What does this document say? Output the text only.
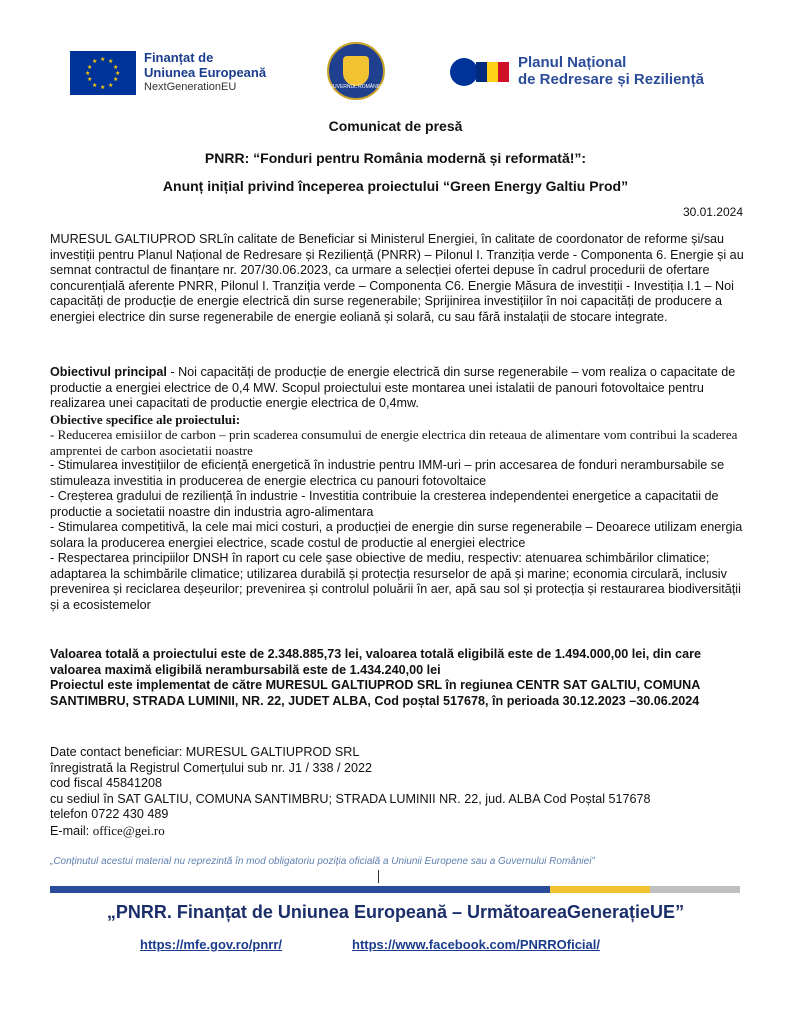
★ ★
★
★
★
★
★
★
★
★
★
★	Finanțat de
Uniunea Europeană
NextGenerationEU	GUVERNUL ROMÂNIEI
Planul Național
de Redresare și Reziliență
Comunicat de presă
PNRR: “Fonduri pentru România modernă și reformată!”:
Anunț inițial privind începerea proiectului “Green Energy Galtiu Prod”
30.01.2024

MURESUL GALTIUPROD SRLîn calitate de Beneficiar si Ministerul Energiei, în calitate de coordonator de reforme și/sau investiții pentru Planul Național de Redresare și Reziliență (PNRR) – Pilonul I. Tranziția verde - Componenta 6. Energie și au semnat contractul de finanțare nr. 207/30.06.2023, ca urmare a selecției ofertei depuse în cadrul procedurii de ofertare concurențială aferente PNRR, Pilonul I. Tranziția verde – Componenta C6. Energie Măsura de investiții - Investiția I.1 – Noi capacități de producție de energie electrică din surse regenerabile; Sprijinirea investițiilor în noi capacități de producere a energiei electrice din surse regenerabile de energie eoliană și solară, cu sau fără instalații de stocare integrate.

Obiectivul principal - Noi capacități de producție de energie electrică din surse regenerabile – vom realiza o capacitate de productie a energiei electrice de 0,4 MW. Scopul proiectului este montarea unei istalatii de panouri fotovoltaice pentru realizarea unei capacitati de productie energie electrica de 0,4mw.

Obiective specifice ale proiectului:

- Reducerea emisiilor de carbon – prin scaderea consumului de energie electrica din reteaua de alimentare vom contribui la scaderea amprentei de carbon asocietatii noastre

- Stimularea investițiilor de eficiență energetică în industrie pentru IMM-uri – prin accesarea de fonduri nerambursabile se stimuleaza investitia in producerea de energie electrica cu panouri fotovoltaice

- Creșterea gradului de reziliență în industrie - Investitia contribuie la cresterea independentei energetice a capacitatii de productie a societatii noastre din industria agro-alimentara

- Stimularea competitivă, la cele mai mici costuri, a producției de energie din surse regenerabile – Deoarece utilizam energia solara la producerea energiei electrice, scade costul de productie al energiei electrice

- Respectarea principiilor DNSH în raport cu cele șase obiective de mediu, respectiv: atenuarea schimbărilor climatice; adaptarea la schimbările climatice; utilizarea durabilă și protecția resurselor de apă și marine; economia circulară, inclusiv prevenirea și reciclarea deșeurilor; prevenirea și controlul poluării în aer, apă sau sol și protecția și restaurarea biodiversității și a ecosistemelor

Valoarea totală a proiectului este de 2.348.885,73 lei, valoarea totală eligibilă este de 1.494.000,00 lei, din care valoarea maximă eligibilă nerambursabilă este de 1.434.240,00 lei

Proiectul este implementat de către MURESUL GALTIUPROD SRL în regiunea CENTR SAT GALTIU, COMUNA SANTIMBRU, STRADA LUMINII, NR. 22, JUDET ALBA, Cod poștal 517678, în perioada 30.12.2023 –30.06.2024

Date contact beneficiar: MURESUL GALTIUPROD SRL

înregistrată la Registrul Comerțului sub nr. J1 / 338 / 2022

cod fiscal 45841208

cu sediul în SAT GALTIU, COMUNA SANTIMBRU; STRADA LUMINII NR. 22, jud. ALBA Cod Poștal 517678

telefon 0722 430 489

E-mail: office@gei.ro

„Conținutul acestui material nu reprezintă în mod obligatoriu poziția oficială a Uniunii Europene sau a Guvernului României”
„PNRR. Finanțat de Uniunea Europeană – UrmătoareaGenerațieUE”
https://mfe.gov.ro/pnrr/	https://www.facebook.com/PNRROficial/
